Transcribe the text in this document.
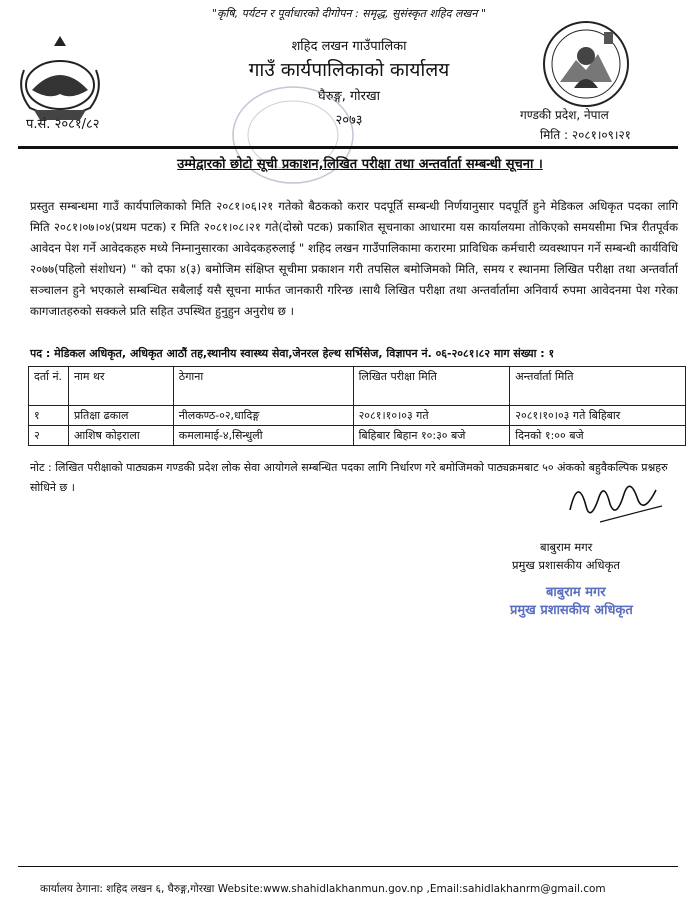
"कृषि, पर्यटन र पूर्वाधारको दीगोपन : समृद्ध, सुसंस्कृत शहिद लखन "
शहिद लखन गाउँपालिका
गाउँ कार्यपालिकाको कार्यालय
घैरुङ्ग, गोरखा
२०७३
प.सं. २०८१/८२
गण्डकी प्रदेश, नेपाल
मिति : २०८१।०९।२१
उम्मेद्वारको छोटो सूची प्रकाशन,लिखित परीक्षा तथा अन्तर्वार्ता सम्बन्धी सूचना ।
प्रस्तुत सम्बन्धमा गाउँ कार्यपालिकाको मिति २०८१।०६।२१ गतेको बैठकको करार पदपूर्ति सम्बन्धी निर्णयानुसार पदपूर्ति हुने मेडिकल अधिकृत पदका लागि मिति २०८१।०७।०४(प्रथम पटक) र मिति २०८१।०८।२१ गते(दोस्रो पटक) प्रकाशित सूचनाका आधारमा यस कार्यालयमा तोकिएको समयसीमा भित्र रीतपूर्वक आवेदन पेश गर्ने आवेदकहरु मध्ये निम्नानुसारका आवेदकहरुलाई " शहिद लखन गाउँपालिकामा करारमा प्राविधिक कर्मचारी व्यवस्थापन गर्ने सम्बन्धी कार्यविधि २०७७(पहिलो संशोधन) " को दफा ४(३) बमोजिम संक्षिप्त सूचीमा प्रकाशन गरी तपसिल बमोजिमको मिति, समय र स्थानमा लिखित परीक्षा तथा अन्तर्वार्ता सञ्चालन हुने भएकाले सम्बन्धित सबैलाई यसै सूचना मार्फत जानकारी गरिन्छ ।साथै लिखित परीक्षा तथा अन्तर्वार्तामा अनिवार्य रुपमा आवेदनमा पेश गरेका कागजातहरुको सक्कले प्रति सहित उपस्थित हुनुहुन अनुरोध छ ।
पद : मेडिकल अधिकृत, अधिकृत आठौं तह,स्थानीय स्वास्थ्य सेवा,जेनरल हेल्थ सर्भिसेज, विज्ञापन नं. ०६-२०८१।८२ माग संख्या : १
दर्ता नं.	नाम थर	ठेगाना	लिखित परीक्षा मिति	अन्तर्वार्ता मिति
१	प्रतिक्षा ढकाल	नीलकण्ठ-०२,धादिङ्ग	२०८१।१०।०३ गते	२०८१।१०।०३ गते बिहिबार
२	आशिष कोइराला	कमलामाई-४,सिन्धुली	बिहिबार बिहान १०:३० बजे	दिनको १:०० बजे
नोट : लिखित परीक्षाको पाठ्यक्रम गण्डकी प्रदेश लोक सेवा आयोगले सम्बन्धित पदका लागि निर्धारण गरे बमोजिमको पाठ्यक्रमबाट ५० अंकको बहुवैकल्पिक प्रश्नहरु सोधिने छ ।
बाबुराम मगर
प्रमुख प्रशासकीय अधिकृत
बाबुराम मगर
प्रमुख प्रशासकीय अधिकृत
कार्यालय ठेगाना: शहिद लखन ६, घैरुङ्ग,गोरखा Website:www.shahidlakhanmun.gov.np ,Email:sahidlakhanrm@gmail.com
